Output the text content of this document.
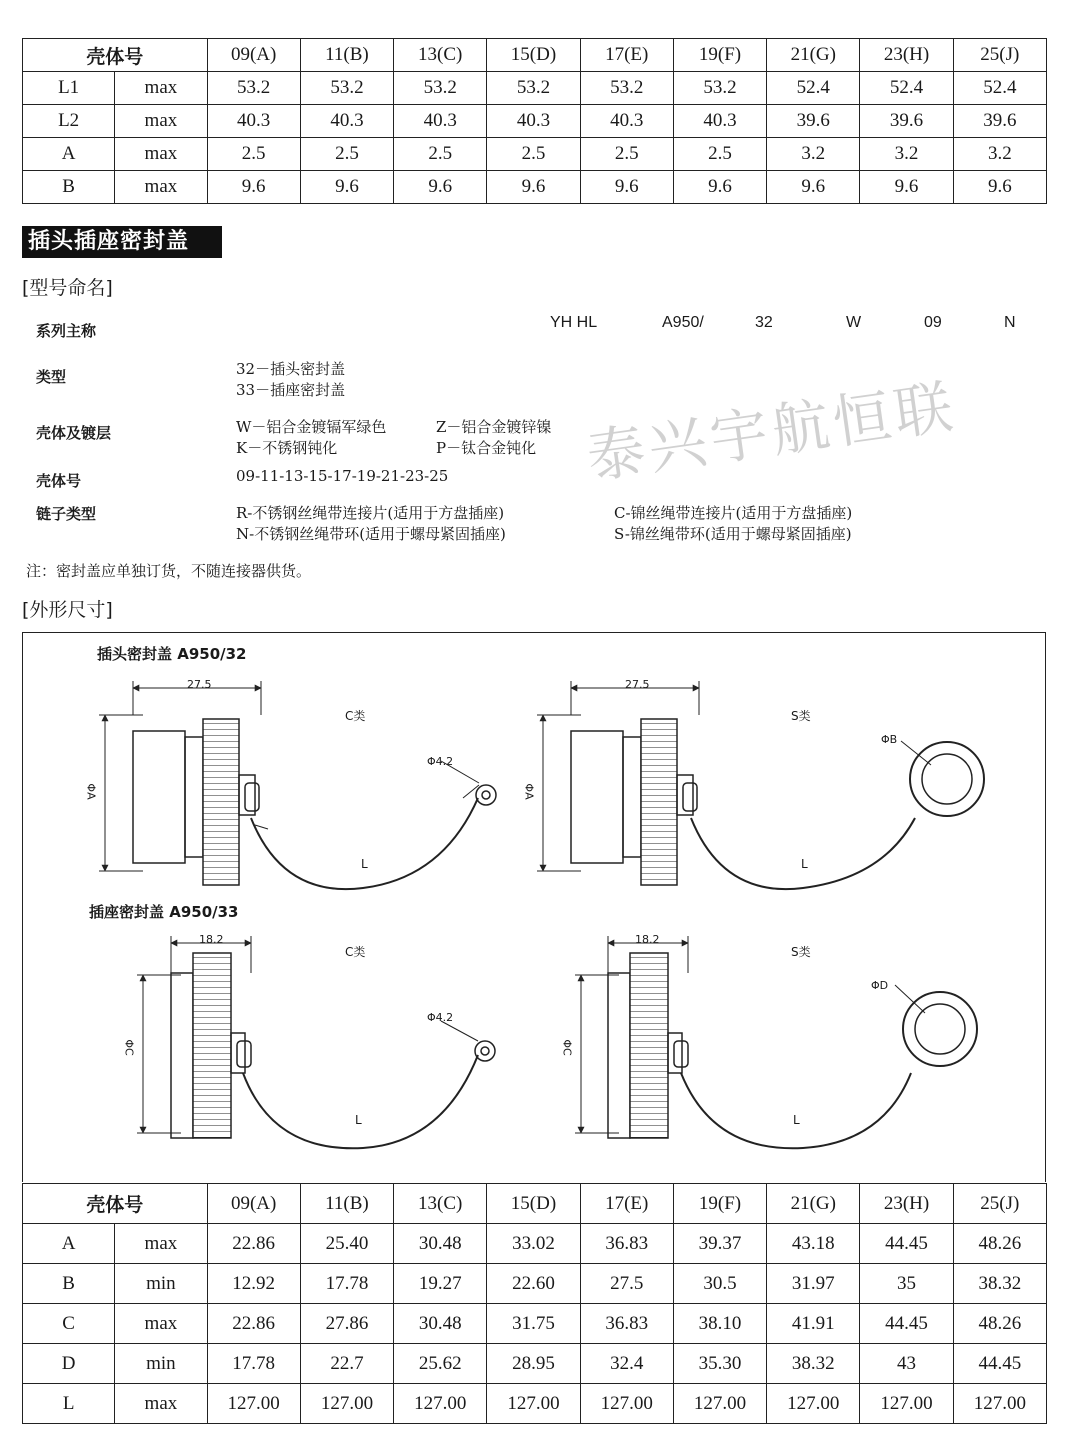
壳体号		09(A)	11(B)	13(C)	15(D)	17(E)	19(F)	21(G)	23(H)	25(J)
L1	max	53.2	53.2	53.2	53.2	53.2	53.2	52.4	52.4	52.4
L2	max	40.3	40.3	40.3	40.3	40.3	40.3	39.6	39.6	39.6
A	max	2.5	2.5	2.5	2.5	2.5	2.5	3.2	3.2	3.2
B	max	9.6	9.6	9.6	9.6	9.6	9.6	9.6	9.6	9.6
插头插座密封盖
[型号命名]
YH HL	A950/	32	W	09	N
系列主称
类型	32－插头密封盖
33－插座密封盖
壳体及镀层	W－铝合金镀镉军绿色	Z－铝合金镀锌镍
K－不锈钢钝化	P－钛合金钝化
壳体号	09-11-13-15-17-19-21-23-25
链子类型	R-不锈钢丝绳带连接片(适用于方盘插座)	C-锦丝绳带连接片(适用于方盘插座)
N-不锈钢丝绳带环(适用于螺母紧固插座)	S-锦丝绳带环(适用于螺母紧固插座)
泰兴宇航恒联
注：密封盖应单独订货，不随连接器供货。
[外形尺寸]
插头密封盖 A950/32
插座密封盖 A950/33
27.5	27.5
18.2	18.2
C类	S类
C类	S类
Φ4.2
Φ4.2
ΦA	ΦA
ΦC	ΦC
ΦB
ΦD
L	L
L	L
壳体号		09(A)	11(B)	13(C)	15(D)	17(E)	19(F)	21(G)	23(H)	25(J)
A	max	22.86	25.40	30.48	33.02	36.83	39.37	43.18	44.45	48.26
B	min	12.92	17.78	19.27	22.60	27.5	30.5	31.97	35	38.32
C	max	22.86	27.86	30.48	31.75	36.83	38.10	41.91	44.45	48.26
D	min	17.78	22.7	25.62	28.95	32.4	35.30	38.32	43	44.45
L	max	127.00	127.00	127.00	127.00	127.00	127.00	127.00	127.00	127.00
